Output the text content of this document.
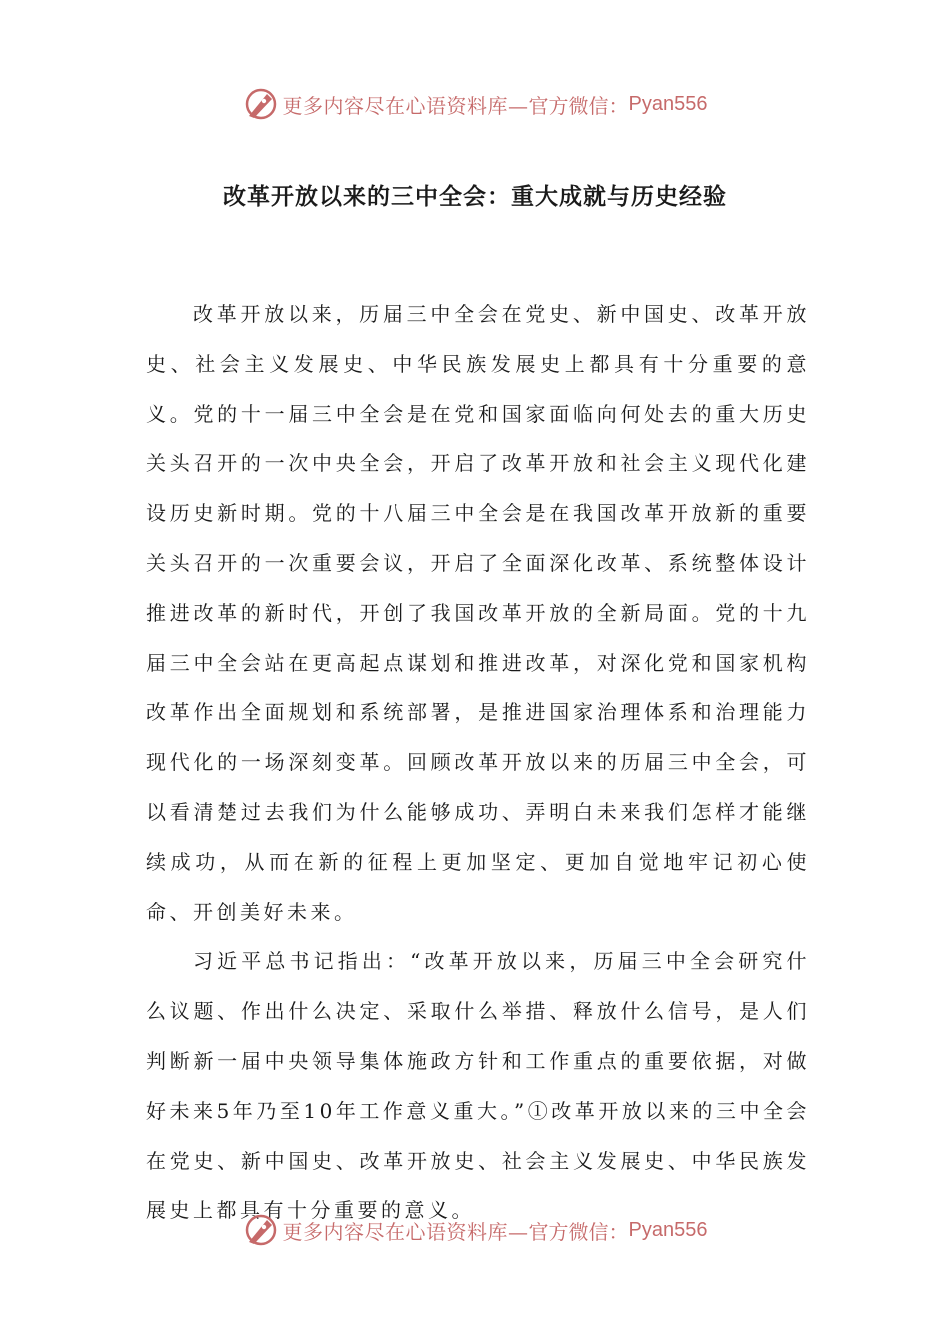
更多内容尽在心语资料库— 官方微信： Pyan556
改革开放以来的三中全会：重大成就与历史经验

改革开放以来，历届三中全会在党史、新中国史、改革开放史、社会主义发展史、中华民族发展史上都具有十分重要的意义。党的十一届三中全会是在党和国家面临向何处去的重大历史关头召开的一次中央全会，开启了改革开放和社会主义现代化建设历史新时期。党的十八届三中全会是在我国改革开放新的重要关头召开的一次重要会议，开启了全面深化改革、系统整体设计推进改革的新时代，开创了我国改革开放的全新局面。党的十九届三中全会站在更高起点谋划和推进改革，对深化党和国家机构改革作出全面规划和系统部署，是推进国家治理体系和治理能力现代化的一场深刻变革。回顾改革开放以来的历届三中全会，可以看清楚过去我们为什么能够成功、弄明白未来我们怎样才能继续成功，从而在新的征程上更加坚定、更加自觉地牢记初心使命、开创美好未来。

习近平总书记指出：“改革开放以来，历届三中全会研究什么议题、作出什么决定、采取什么举措、释放什么信号，是人们判断新一届中央领导集体施政方针和工作重点的重要依据，对做好未来5年乃至10年工作意义重大。”①改革开放以来的三中全会在党史、新中国史、改革开放史、社会主义发展史、中华民族发展史上都具有十分重要的意义。

更多内容尽在心语资料库— 官方微信： Pyan556
